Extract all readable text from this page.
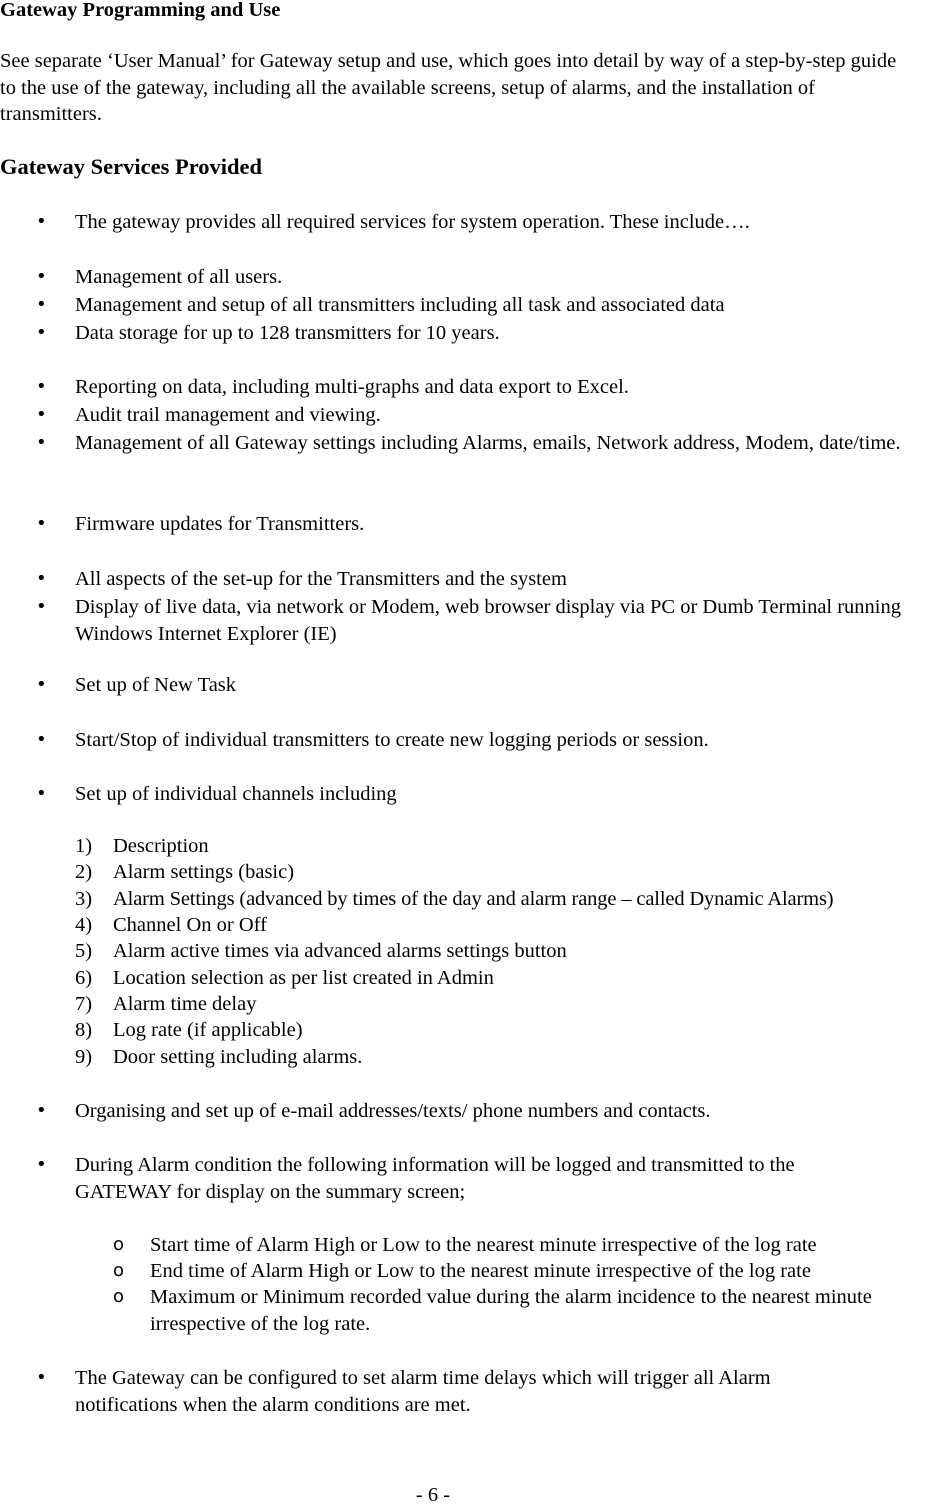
Gateway Programming and Use
See separate ‘User Manual’ for Gateway setup and use, which goes into detail by way of a step-by-step guide to the use of the gateway, including all the available screens, setup of alarms, and the installation of transmitters.
Gateway Services Provided
• The gateway provides all required services for system operation. These include….
• Management of all users.
• Management and setup of all transmitters including all task and associated data
• Data storage for up to 128 transmitters for 10 years.
• Reporting on data, including multi-graphs and data export to Excel.
• Audit trail management and viewing.
• Management of all Gateway settings including Alarms, emails, Network address, Modem, date/time.
• Firmware updates for Transmitters.
• All aspects of the set-up for the Transmitters and the system
• Display of live data, via network or Modem, web browser display via PC or Dumb Terminal running Windows Internet Explorer (IE)
• Set up of New Task
• Start/Stop of individual transmitters to create new logging periods or session.
• Set up of individual channels including
1)	Description
2)	Alarm settings (basic)
3)	Alarm Settings (advanced by times of the day and alarm range – called Dynamic Alarms)
4)	Channel On or Off
5)	Alarm active times via advanced alarms settings button
6)	Location selection as per list created in Admin
7)	Alarm time delay
8)	Log rate (if applicable)
9)	Door setting including alarms.
• Organising and set up of e-mail addresses/texts/ phone numbers and contacts.
• During Alarm condition the following information will be logged and transmitted to the GATEWAY for display on the summary screen;
o	Start time of Alarm High or Low to the nearest minute irrespective of the log rate
o	End time of Alarm High or Low to the nearest minute irrespective of the log rate
o	Maximum or Minimum recorded value during the alarm incidence to the nearest minute irrespective of the log rate.
• The Gateway can be configured to set alarm time delays which will trigger all Alarm notifications when the alarm conditions are met.
- 6 -
